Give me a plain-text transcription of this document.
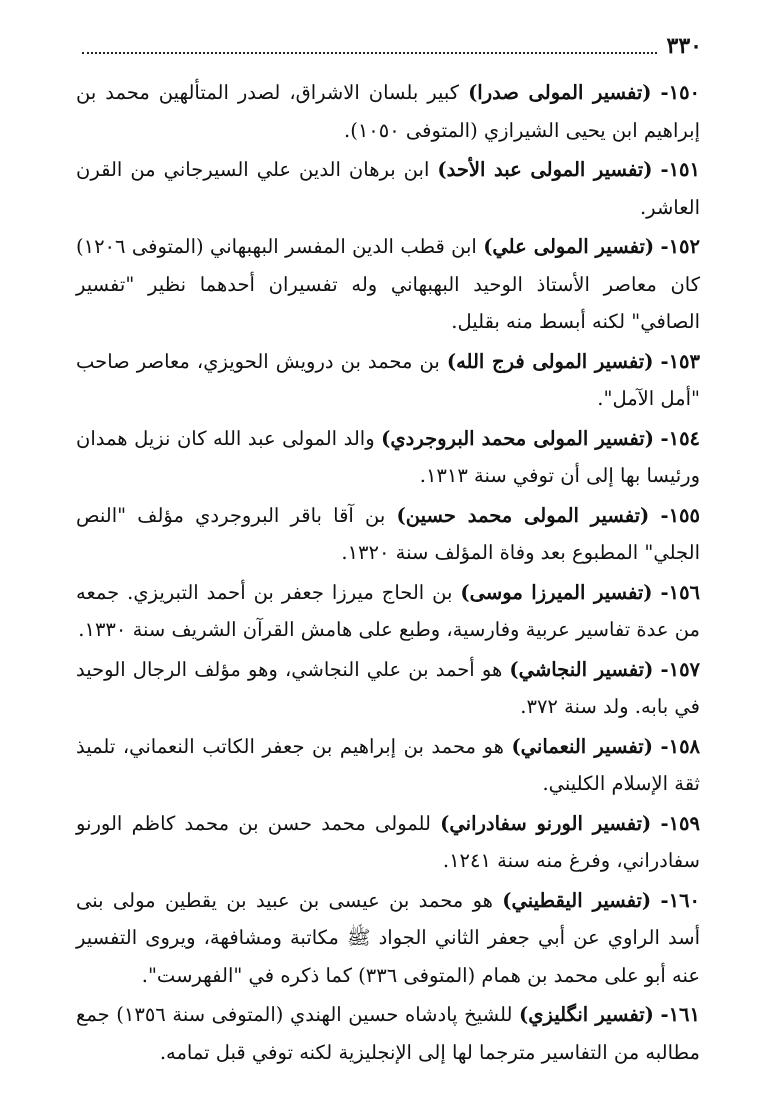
٣٣٠

١٥٠- (تفسير المولى صدرا) كبير بلسان الاشراق، لصدر المتألهين محمد بن إبراهيم ابن يحيى الشيرازي (المتوفى ١٠٥٠).

١٥١- (تفسير المولى عبد الأحد) ابن برهان الدين علي السيرجاني من القرن العاشر.

١٥٢- (تفسير المولى علي) ابن قطب الدين المفسر البهبهاني (المتوفى ١٢٠٦) كان معاصر الأستاذ الوحيد البهبهاني وله تفسيران أحدهما نظير "تفسير الصافي" لكنه أبسط منه بقليل.

١٥٣- (تفسير المولى فرج الله) بن محمد بن درويش الحويزي، معاصر صاحب "أمل الآمل".

١٥٤- (تفسير المولى محمد البروجردي) والد المولى عبد الله كان نزيل همدان ورئيسا بها إلى أن توفي سنة ١٣١٣.

١٥٥- (تفسير المولى محمد حسين) بن آقا باقر البروجردي مؤلف "النص الجلي" المطبوع بعد وفاة المؤلف سنة ١٣٢٠.

١٥٦- (تفسير الميرزا موسى) بن الحاج ميرزا جعفر بن أحمد التبريزي. جمعه من عدة تفاسير عربية وفارسية، وطبع على هامش القرآن الشريف سنة ١٣٣٠.

١٥٧- (تفسير النجاشي) هو أحمد بن علي النجاشي، وهو مؤلف الرجال الوحيد في بابه. ولد سنة ٣٧٢.

١٥٨- (تفسير النعماني) هو محمد بن إبراهيم بن جعفر الكاتب النعماني، تلميذ ثقة الإسلام الكليني.

١٥٩- (تفسير الورنو سفادراني) للمولى محمد حسن بن محمد كاظم الورنو سفادراني، وفرغ منه سنة ١٢٤١.

١٦٠- (تفسير اليقطيني) هو محمد بن عيسى بن عبيد بن يقطين مولى بنى أسد الراوي عن أبي جعفر الثاني الجواد ﷺ مكاتبة ومشافهة، ويروى التفسير عنه أبو على محمد بن همام (المتوفى ٣٣٦) كما ذكره في "الفهرست".

١٦١- (تفسير انگليزي) للشيخ پادشاه حسين الهندي (المتوفى سنة ١٣٥٦) جمع مطالبه من التفاسير مترجما لها إلى الإنجليزية لكنه توفي قبل تمامه.
